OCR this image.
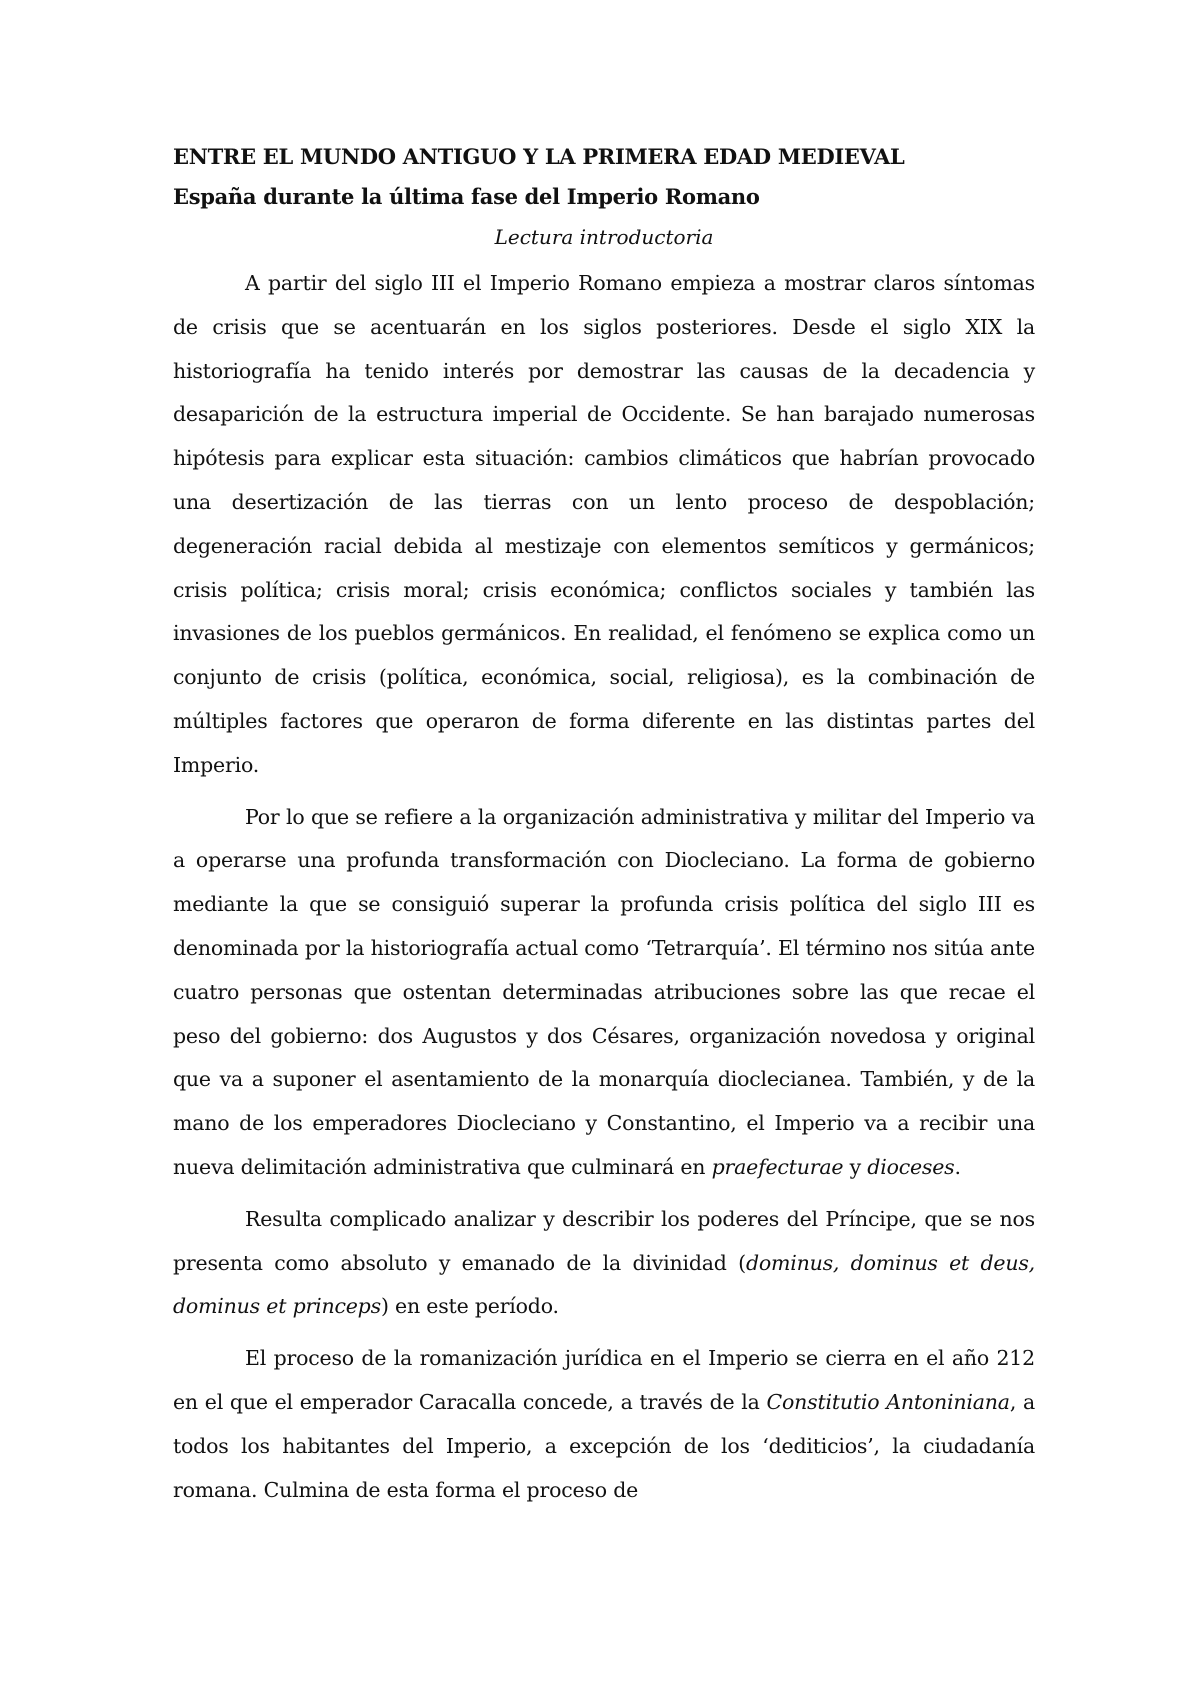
ENTRE EL MUNDO ANTIGUO Y LA PRIMERA EDAD MEDIEVAL
España durante la última fase del Imperio Romano
Lectura introductoria

A partir del siglo III el Imperio Romano empieza a mostrar claros síntomas de crisis que se acentuarán en los siglos posteriores. Desde el siglo XIX la historiografía ha tenido interés por demostrar las causas de la decadencia y desaparición de la estructura imperial de Occidente. Se han barajado numerosas hipótesis para explicar esta situación: cambios climáticos que habrían provocado una desertización de las tierras con un lento proceso de despoblación; degeneración racial debida al mestizaje con elementos semíticos y germánicos; crisis política; crisis moral; crisis económica; conflictos sociales y también las invasiones de los pueblos germánicos. En realidad, el fenómeno se explica como un conjunto de crisis (política, económica, social, religiosa), es la combinación de múltiples factores que operaron de forma diferente en las distintas partes del Imperio.

Por lo que se refiere a la organización administrativa y militar del Imperio va a operarse una profunda transformación con Diocleciano. La forma de gobierno mediante la que se consiguió superar la profunda crisis política del siglo III es denominada por la historiografía actual como ‘Tetrarquía’. El término nos sitúa ante cuatro personas que ostentan determinadas atribuciones sobre las que recae el peso del gobierno: dos Augustos y dos Césares, organización novedosa y original que va a suponer el asentamiento de la monarquía dioclecianea. También, y de la mano de los emperadores Diocleciano y Constantino, el Imperio va a recibir una nueva delimitación administrativa que culminará en praefecturae y dioceses.

Resulta complicado analizar y describir los poderes del Príncipe, que se nos presenta como absoluto y emanado de la divinidad (dominus, dominus et deus, dominus et princeps) en este período.

El proceso de la romanización jurídica en el Imperio se cierra en el año 212 en el que el emperador Caracalla concede, a través de la Constitutio Antoniniana, a todos los habitantes del Imperio, a excepción de los ‘dediticios’, la ciudadanía romana. Culmina de esta forma el proceso de
